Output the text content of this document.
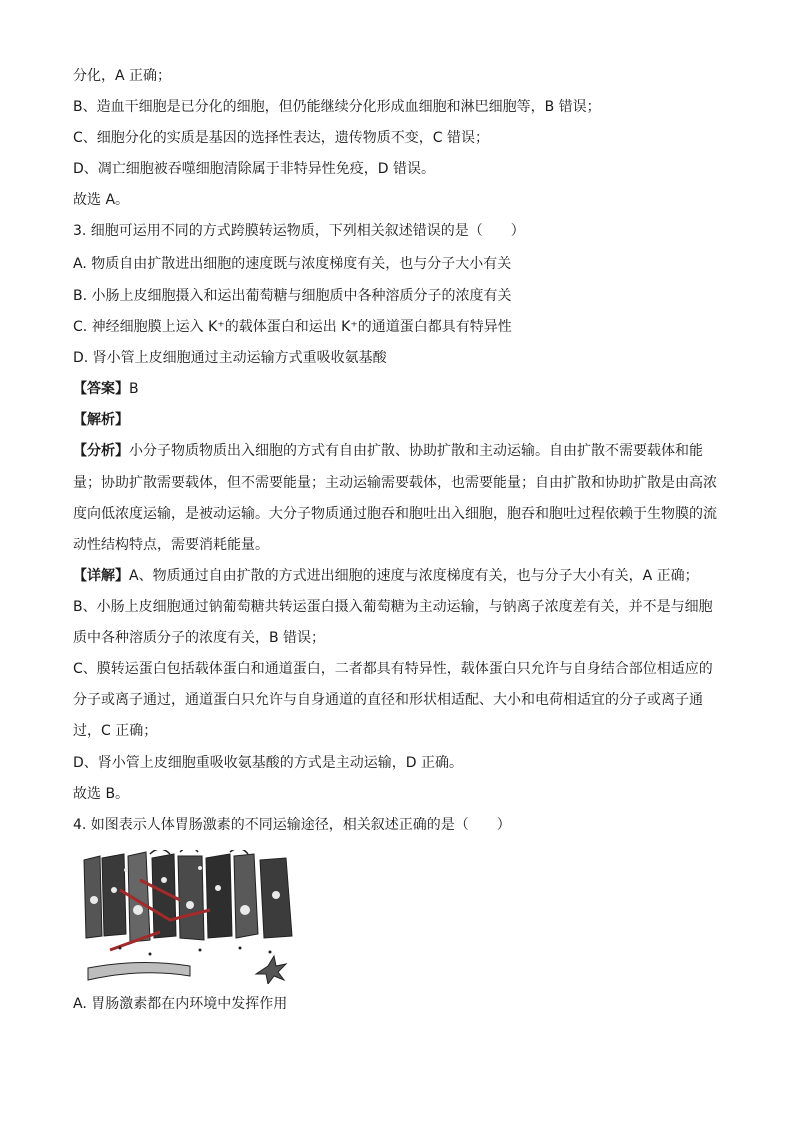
分化，A 正确；
B、造血干细胞是已分化的细胞，但仍能继续分化形成血细胞和淋巴细胞等，B 错误；
C、细胞分化的实质是基因的选择性表达，遗传物质不变，C 错误；
D、凋亡细胞被吞噬细胞清除属于非特异性免疫，D 错误。
故选 A。
3. 细胞可运用不同的方式跨膜转运物质，下列相关叙述错误的是（　　）
A. 物质自由扩散进出细胞的速度既与浓度梯度有关，也与分子大小有关
B. 小肠上皮细胞摄入和运出葡萄糖与细胞质中各种溶质分子的浓度有关
C. 神经细胞膜上运入 K⁺的载体蛋白和运出 K⁺的通道蛋白都具有特异性
D. 肾小管上皮细胞通过主动运输方式重吸收氨基酸
【答案】B
【解析】
【分析】小分子物质物质出入细胞的方式有自由扩散、协助扩散和主动运输。自由扩散不需要载体和能
量；协助扩散需要载体，但不需要能量；主动运输需要载体，也需要能量；自由扩散和协助扩散是由高浓
度向低浓度运输，是被动运输。大分子物质通过胞吞和胞吐出入细胞，胞吞和胞吐过程依赖于生物膜的流
动性结构特点，需要消耗能量。
【详解】A、物质通过自由扩散的方式进出细胞的速度与浓度梯度有关，也与分子大小有关，A 正确；
B、小肠上皮细胞通过钠葡萄糖共转运蛋白摄入葡萄糖为主动运输，与钠离子浓度差有关，并不是与细胞
质中各种溶质分子的浓度有关，B 错误；
C、膜转运蛋白包括载体蛋白和通道蛋白，二者都具有特异性，载体蛋白只允许与自身结合部位相适应的
分子或离子通过，通道蛋白只允许与自身通道的直径和形状相适配、大小和电荷相适宜的分子或离子通
过，C 正确；
D、肾小管上皮细胞重吸收氨基酸的方式是主动运输，D 正确。
故选 B。
4. 如图表示人体胃肠激素的不同运输途径，相关叙述正确的是（　　）
A. 胃肠激素都在内环境中发挥作用
